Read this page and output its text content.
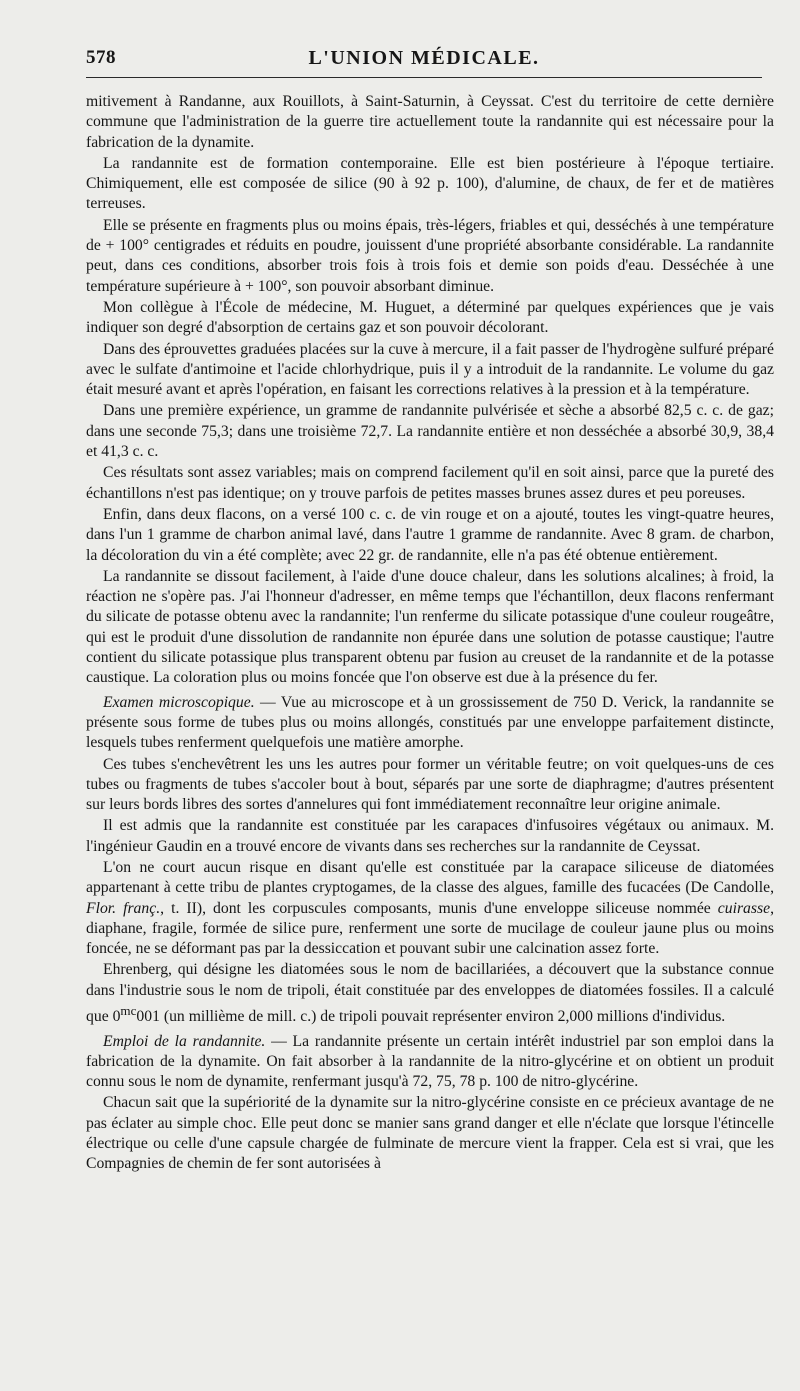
578	L'UNION MÉDICALE.

mitivement à Randanne, aux Rouillots, à Saint-Saturnin, à Ceyssat. C'est du territoire de cette dernière commune que l'administration de la guerre tire actuellement toute la randannite qui est nécessaire pour la fabrication de la dynamite.

La randannite est de formation contemporaine. Elle est bien postérieure à l'époque tertiaire. Chimiquement, elle est composée de silice (90 à 92 p. 100), d'alumine, de chaux, de fer et de matières terreuses.

Elle se présente en fragments plus ou moins épais, très-légers, friables et qui, desséchés à une température de + 100° centigrades et réduits en poudre, jouissent d'une propriété absorbante considérable. La randannite peut, dans ces conditions, absorber trois fois à trois fois et demie son poids d'eau. Desséchée à une température supérieure à + 100°, son pouvoir absorbant diminue.

Mon collègue à l'École de médecine, M. Huguet, a déterminé par quelques expériences que je vais indiquer son degré d'absorption de certains gaz et son pouvoir décolorant.

Dans des éprouvettes graduées placées sur la cuve à mercure, il a fait passer de l'hydrogène sulfuré préparé avec le sulfate d'antimoine et l'acide chlorhydrique, puis il y a introduit de la randannite. Le volume du gaz était mesuré avant et après l'opération, en faisant les corrections relatives à la pression et à la température.

Dans une première expérience, un gramme de randannite pulvérisée et sèche a absorbé 82,5 c. c. de gaz; dans une seconde 75,3; dans une troisième 72,7. La randannite entière et non desséchée a absorbé 30,9, 38,4 et 41,3 c. c.

Ces résultats sont assez variables; mais on comprend facilement qu'il en soit ainsi, parce que la pureté des échantillons n'est pas identique; on y trouve parfois de petites masses brunes assez dures et peu poreuses.

Enfin, dans deux flacons, on a versé 100 c. c. de vin rouge et on a ajouté, toutes les vingt-quatre heures, dans l'un 1 gramme de charbon animal lavé, dans l'autre 1 gramme de randannite. Avec 8 gram. de charbon, la décoloration du vin a été complète; avec 22 gr. de randannite, elle n'a pas été obtenue entièrement.

La randannite se dissout facilement, à l'aide d'une douce chaleur, dans les solutions alcalines; à froid, la réaction ne s'opère pas. J'ai l'honneur d'adresser, en même temps que l'échantillon, deux flacons renfermant du silicate de potasse obtenu avec la randannite; l'un renferme du silicate potassique d'une couleur rougeâtre, qui est le produit d'une dissolution de randannite non épurée dans une solution de potasse caustique; l'autre contient du silicate potassique plus transparent obtenu par fusion au creuset de la randannite et de la potasse caustique. La coloration plus ou moins foncée que l'on observe est due à la présence du fer.

Examen microscopique. — Vue au microscope et à un grossissement de 750 D. Verick, la randannite se présente sous forme de tubes plus ou moins allongés, constitués par une enveloppe parfaitement distincte, lesquels tubes renferment quelquefois une matière amorphe.

Ces tubes s'enchevêtrent les uns les autres pour former un véritable feutre; on voit quelques-uns de ces tubes ou fragments de tubes s'accoler bout à bout, séparés par une sorte de diaphragme; d'autres présentent sur leurs bords libres des sortes d'annelures qui font immédiatement reconnaître leur origine animale.

Il est admis que la randannite est constituée par les carapaces d'infusoires végétaux ou animaux. M. l'ingénieur Gaudin en a trouvé encore de vivants dans ses recherches sur la randannite de Ceyssat.

L'on ne court aucun risque en disant qu'elle est constituée par la carapace siliceuse de diatomées appartenant à cette tribu de plantes cryptogames, de la classe des algues, famille des fucacées (De Candolle, Flor. franç., t. II), dont les corpuscules composants, munis d'une enveloppe siliceuse nommée cuirasse, diaphane, fragile, formée de silice pure, renferment une sorte de mucilage de couleur jaune plus ou moins foncée, ne se déformant pas par la dessiccation et pouvant subir une calcination assez forte.

Ehrenberg, qui désigne les diatomées sous le nom de bacillariées, a découvert que la substance connue dans l'industrie sous le nom de tripoli, était constituée par des enveloppes de diatomées fossiles. Il a calculé que $0^{mc}001$ (un millième de mill. c.) de tripoli pouvait représenter environ 2,000 millions d'individus.

Emploi de la randannite. — La randannite présente un certain intérêt industriel par son emploi dans la fabrication de la dynamite. On fait absorber à la randannite de la nitro-glycérine et on obtient un produit connu sous le nom de dynamite, renfermant jusqu'à 72, 75, 78 p. 100 de nitro-glycérine.

Chacun sait que la supériorité de la dynamite sur la nitro-glycérine consiste en ce précieux avantage de ne pas éclater au simple choc. Elle peut donc se manier sans grand danger et elle n'éclate que lorsque l'étincelle électrique ou celle d'une capsule chargée de fulminate de mercure vient la frapper. Cela est si vrai, que les Compagnies de chemin de fer sont autorisées à
